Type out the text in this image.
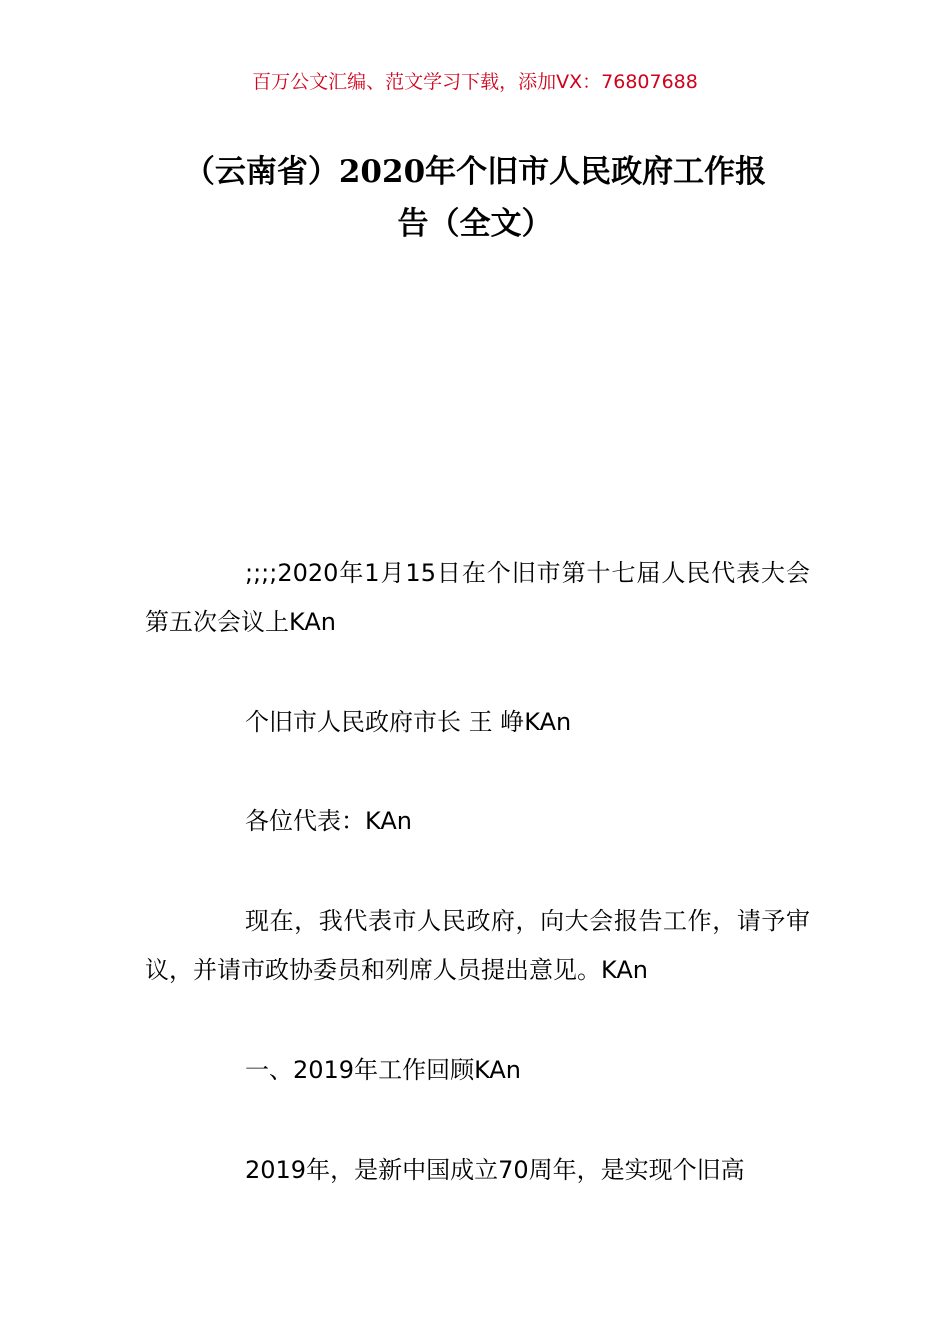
百万公文汇编、范文学习下载，添加VX：76807688
（云南省）2020年个旧市人民政府工作报
告（全文）

;;;;2020年1月15日在个旧市第十七届人民代表大会第五次会议上KAn

个旧市人民政府市长 王 峥KAn

各位代表：KAn

现在，我代表市人民政府，向大会报告工作，请予审议，并请市政协委员和列席人员提出意见。KAn

一、2019年工作回顾KAn

2019年，是新中国成立70周年，是实现个旧高
